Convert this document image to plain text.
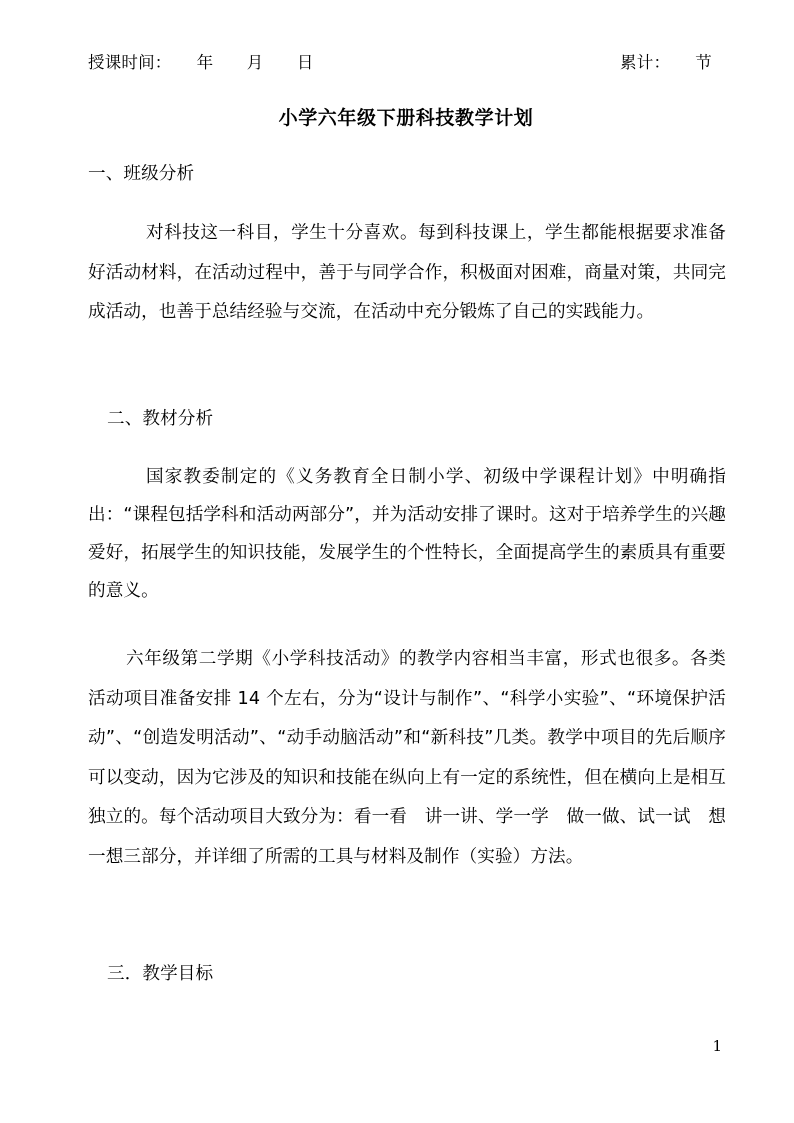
授课时间：　　年　　月　　日	累计：　　节
小学六年级下册科技教学计划
一、班级分析
对科技这一科目，学生十分喜欢。每到科技课上，学生都能根据要求准备好活动材料，在活动过程中，善于与同学合作，积极面对困难，商量对策，共同完成活动，也善于总结经验与交流，在活动中充分锻炼了自己的实践能力。
二、教材分析
国家教委制定的《义务教育全日制小学、初级中学课程计划》中明确指出：“课程包括学科和活动两部分”，并为活动安排了课时。这对于培养学生的兴趣爱好，拓展学生的知识技能，发展学生的个性特长，全面提高学生的素质具有重要的意义。
六年级第二学期《小学科技活动》的教学内容相当丰富，形式也很多。各类活动项目准备安排 14 个左右，分为“设计与制作”、“科学小实验”、“环境保护活动”、“创造发明活动”、“动手动脑活动”和“新科技”几类。教学中项目的先后顺序可以变动，因为它涉及的知识和技能在纵向上有一定的系统性，但在横向上是相互独立的。每个活动项目大致分为：看一看　讲一讲、学一学　做一做、试一试　想一想三部分，并详细了所需的工具与材料及制作（实验）方法。
三．教学目标
1
